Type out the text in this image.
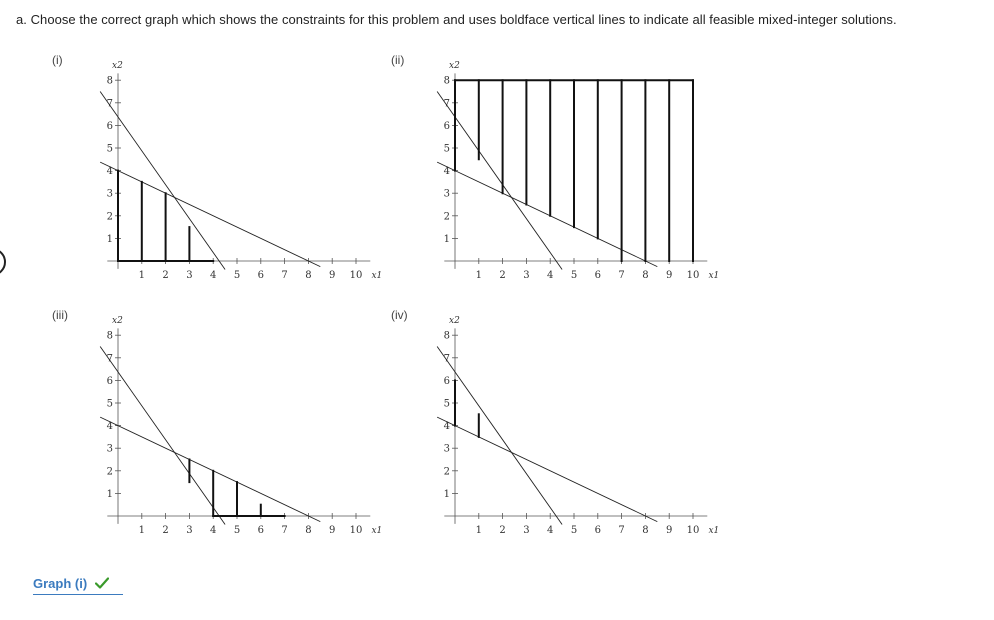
a. Choose the correct graph which shows the constraints for this problem and uses boldface vertical lines to indicate all feasible mixed-integer solutions.
(i)	(ii)
(iii)	(iv)
1 2 3 4 5 6 7 8 9 10
1
2
3
4
5
6
7
8
x1
x2
1 2 3 4 5 6 7 8 9 10
1
2
3
4
5
6
7
8
x1
x2
1 2 3 4 5 6 7 8 9 10
1
2
3
4
5
6
7
8
x1
x2
1 2 3 4 5 6 7 8 9 10
1
2
3
4
5
6
7
8
x1
x2
Graph (i)
